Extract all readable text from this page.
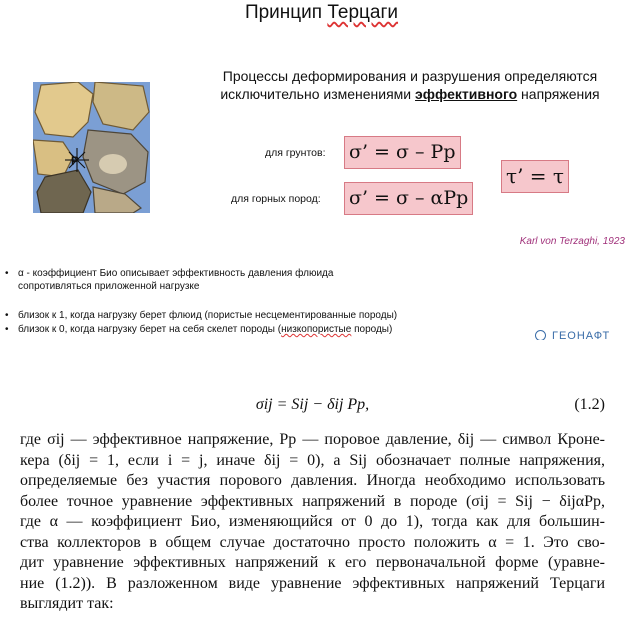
Принцип Терцаги
P
Процессы деформирования и разрушения определяются
исключительно изменениями эффективного напряжения
для грунтов: σ’ = σ – Pp
для горных пород: σ’ = σ – αPp
τ’ = τ
Karl von Terzaghi, 1923
• α - коэффициент Био описывает эффективность давления флюида
сопротивляться приложенной нагрузке
• близок к 1, когда нагрузку берет флюид (пористые несцементированные породы)
• близок к 0, когда нагрузку берет на себя скелет породы (низкопористые породы)
ГЕОНАФТ
σij = Sij − δij Pp,	(1.2)
где σij — эффективное напряжение, Pp — поровое давление, δij — символ Кроне-
кера (δij = 1, если i = j, иначе δij = 0), а Sij обозначает полные напряжения,
определяемые без участия порового давления. Иногда необходимо использовать
более точное уравнение эффективных напряжений в породе (σij = Sij − δijαPp,
где α — коэффициент Био, изменяющийся от 0 до 1), тогда как для большин-
ства коллекторов в общем случае достаточно просто положить α = 1. Это сво-
дит уравнение эффективных напряжений к его первоначальной форме (уравне-
ние (1.2)). В разложенном виде уравнение эффективных напряжений Терцаги
выглядит так:
